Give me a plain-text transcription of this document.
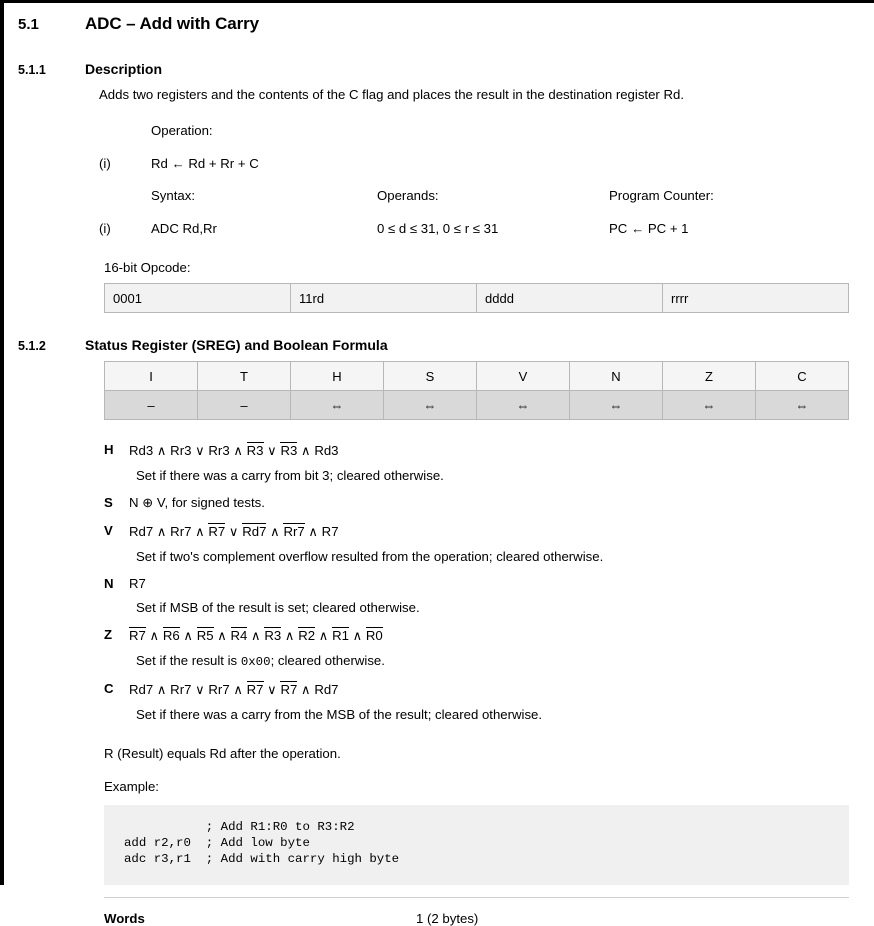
5.1	ADC – Add with Carry
5.1.1	Description
Adds two registers and the contents of the C flag and places the result in the destination register Rd.
Operation:
(i)	Rd ← Rd + Rr + C
Syntax:	Operands:	Program Counter:
(i)	ADC Rd,Rr	0 ≤ d ≤ 31, 0 ≤ r ≤ 31	PC ← PC + 1
16-bit Opcode:
0001	11rd	dddd	rrrr
5.1.2	Status Register (SREG) and Boolean Formula
I	T	H	S	V	N	Z	C
–	–	⇔	⇔	⇔	⇔	⇔	⇔
H	Rd3 ∧ Rr3 ∨ Rr3 ∧ R3 ∨ R3 ∧ Rd3
Set if there was a carry from bit 3; cleared otherwise.
S	N ⊕ V, for signed tests.
V	Rd7 ∧ Rr7 ∧ R7 ∨ Rd7 ∧ Rr7 ∧ R7
Set if two's complement overflow resulted from the operation; cleared otherwise.
N	R7
Set if MSB of the result is set; cleared otherwise.
Z	R7 ∧ R6 ∧ R5 ∧ R4 ∧ R3 ∧ R2 ∧ R1 ∧ R0
Set if the result is 0x00; cleared otherwise.
C	Rd7 ∧ Rr7 ∨ Rr7 ∧ R7 ∨ R7 ∧ Rd7
Set if there was a carry from the MSB of the result; cleared otherwise.
R (Result) equals Rd after the operation.
Example:
; Add R1:R0 to R3:R2
add r2,r0  ; Add low byte
adc r3,r1  ; Add with carry high byte
Words	1 (2 bytes)
